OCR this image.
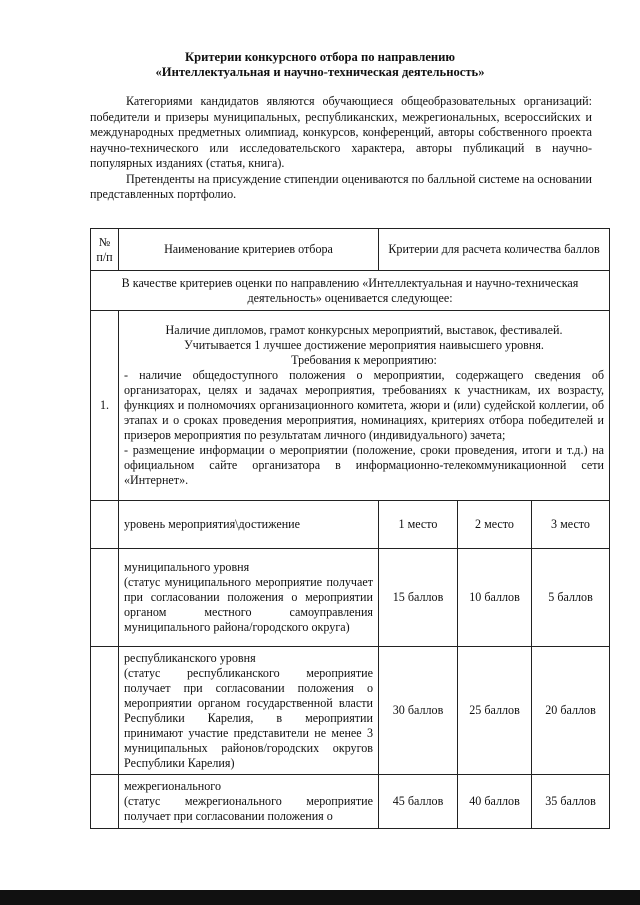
Критерии конкурсного отбора по направлению
«Интеллектуальная и научно-техническая деятельность»

Категориями кандидатов являются обучающиеся общеобразовательных организаций: победители и призеры муниципальных, республиканских, межрегиональных, всероссийских и международных предметных олимпиад, конкурсов, конференций, авторы собственного проекта научно-технического или исследовательского характера, авторы публикаций в научно-популярных изданиях (статья, книга).

Претенденты на присуждение стипендии оцениваются по балльной системе на основании представленных портфолио.

№ п/п	Наименование критериев отбора	Критерии для расчета количества баллов		
В качестве критериев оценки по направлению «Интеллектуальная и научно-техническая деятельность» оценивается следующее:				
1.	Наличие дипломов, грамот конкурсных мероприятий, выставок, фестивалей.

Учитывается 1 лучшее достижение мероприятия наивысшего уровня.

Требования к мероприятию:

- наличие общедоступного положения о мероприятии, содержащего сведения об организаторах, целях и задачах мероприятия, требованиях к участникам, их возрасту, функциях и полномочиях организационного комитета, жюри и (или) судейской коллегии, об этапах и о сроках проведения мероприятия, номинациях, критериях отбора победителей и призеров мероприятия по результатам личного (индивидуального) зачета;

- размещение информации о мероприятии (положение, сроки проведения, итоги и т.д.) на официальном сайте организатора в информационно-телекоммуникационной сети «Интернет».			

	уровень мероприятия\достижение	1 место	2 место	3 место

	муниципального уровня
(статус муниципального мероприятие получает при согласовании положения о мероприятии органом местного самоуправления муниципального района/городского округа)	15 баллов	10 баллов	5 баллов

	республиканского уровня
(статус республиканского мероприятие получает при согласовании положения о мероприятии органом государственной власти Республики Карелия, в мероприятии принимают участие представители не менее 3 муниципальных районов/городских округов Республики Карелия)	30 баллов	25 баллов	20 баллов

	межрегионального
(статус межрегионального мероприятие получает при согласовании положения о	45 баллов	40 баллов	35 баллов
